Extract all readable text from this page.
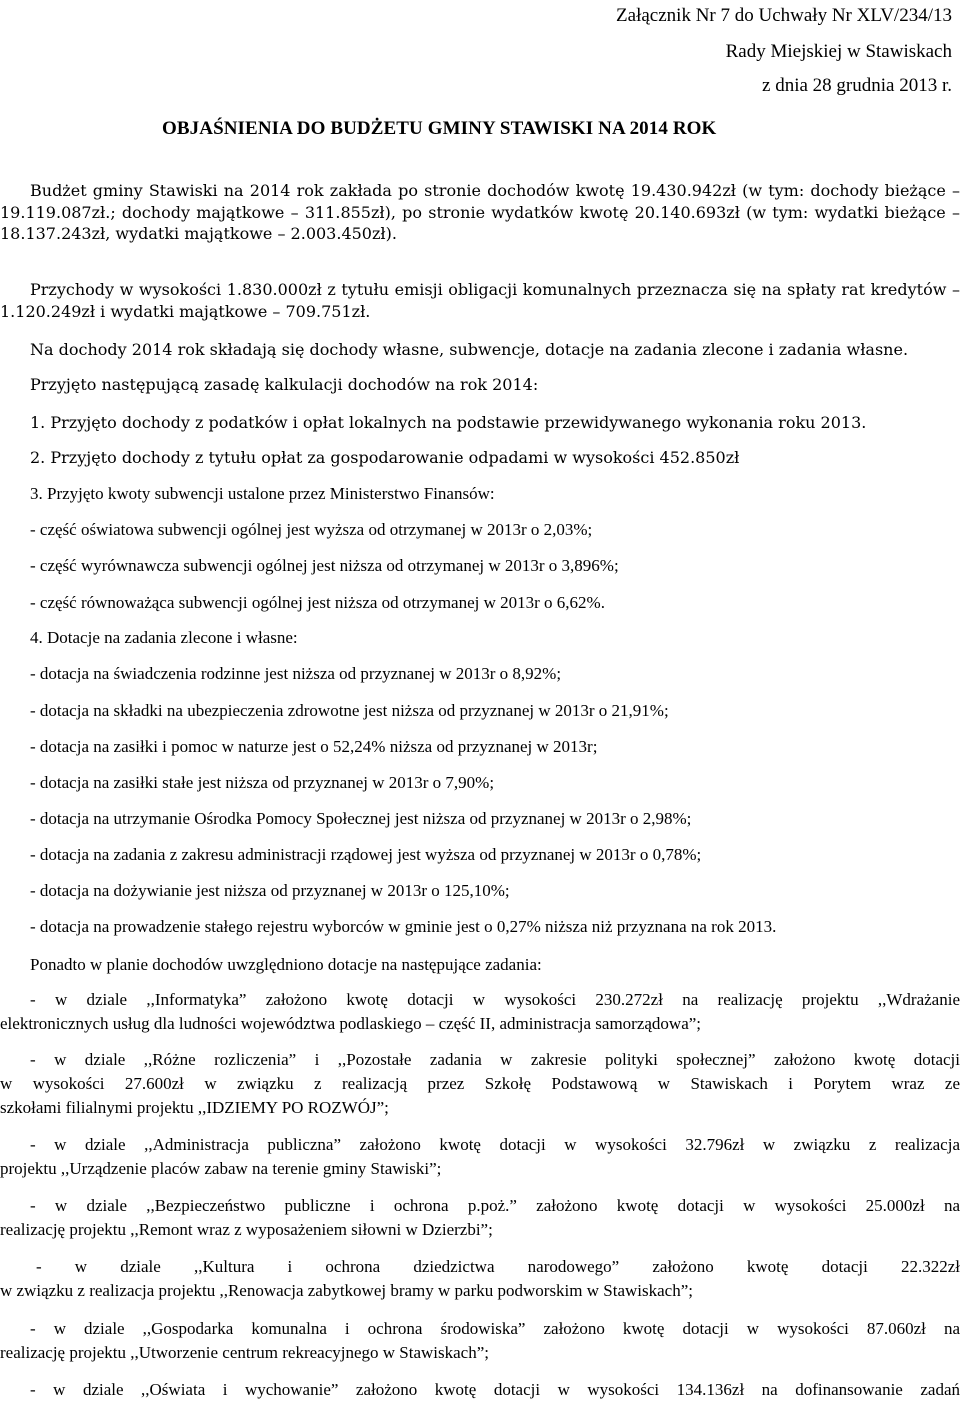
Załącznik Nr 7 do Uchwały Nr XLV/234/13
Rady Miejskiej w Stawiskach
z dnia 28 grudnia 2013 r.
OBJAŚNIENIA DO BUDŻETU GMINY STAWISKI NA 2014 ROK
Budżet gminy Stawiski na 2014 rok zakłada po stronie dochodów kwotę 19.430.942zł (w tym: dochody bieżące – 19.119.087zł.; dochody majątkowe – 311.855zł), po stronie wydatków kwotę 20.140.693zł (w tym: wydatki bieżące – 18.137.243zł, wydatki majątkowe – 2.003.450zł).
Przychody w wysokości 1.830.000zł z tytułu emisji obligacji komunalnych przeznacza się na spłaty rat kredytów – 1.120.249zł i wydatki majątkowe – 709.751zł.
Na dochody 2014 rok składają się dochody własne, subwencje, dotacje na zadania zlecone i zadania własne.
Przyjęto następującą zasadę kalkulacji dochodów na rok 2014:
1. Przyjęto dochody z podatków i opłat lokalnych na podstawie przewidywanego wykonania roku 2013.
2. Przyjęto dochody z tytułu opłat za gospodarowanie odpadami w wysokości 452.850zł
3. Przyjęto kwoty subwencji ustalone przez Ministerstwo Finansów:
- część oświatowa subwencji ogólnej jest wyższa od otrzymanej w 2013r o 2,03%;
- część wyrównawcza subwencji ogólnej jest niższa od otrzymanej w 2013r o 3,896%;
- część równoważąca subwencji ogólnej jest niższa od otrzymanej w 2013r o 6,62%.
4. Dotacje na zadania zlecone i własne:
- dotacja na świadczenia rodzinne jest niższa od przyznanej w 2013r o 8,92%;
- dotacja na składki na ubezpieczenia zdrowotne jest niższa od przyznanej w 2013r o 21,91%;
- dotacja na zasiłki i pomoc w naturze jest o 52,24% niższa od przyznanej w 2013r;
- dotacja na zasiłki stałe jest niższa od przyznanej w 2013r o 7,90%;
- dotacja na utrzymanie Ośrodka Pomocy Społecznej jest niższa od przyznanej w 2013r o 2,98%;
- dotacja na zadania z zakresu administracji rządowej jest wyższa od przyznanej w 2013r o 0,78%;
- dotacja na dożywianie jest niższa od przyznanej w 2013r o 125,10%;
- dotacja na prowadzenie stałego rejestru wyborców w gminie jest o 0,27% niższa niż przyznana na rok 2013.
Ponadto w planie dochodów uwzględniono dotacje na następujące zadania:
- w dziale ,,Informatyka” założono kwotę dotacji w wysokości 230.272zł na realizację projektu ,,Wdrażanie
elektronicznych usług dla ludności województwa podlaskiego – część II, administracja samorządowa”;
- w dziale ,,Różne rozliczenia” i ,,Pozostałe zadania w zakresie polityki społecznej” założono kwotę dotacji
w wysokości 27.600zł w związku z realizacją przez Szkołę Podstawową w Stawiskach i Porytem wraz ze
szkołami filialnymi projektu ,,IDZIEMY PO ROZWÓJ”;
- w dziale ,,Administracja publiczna” założono kwotę dotacji w wysokości 32.796zł w związku z realizacja
projektu ,,Urządzenie placów zabaw na terenie gminy Stawiski”;
- w dziale ,,Bezpieczeństwo publiczne i ochrona p.poż.” założono kwotę dotacji w wysokości 25.000zł na
realizację projektu ,,Remont wraz z wyposażeniem siłowni w Dzierzbi”;
- w dziale ,,Kultura i ochrona dziedzictwa narodowego” założono kwotę dotacji 22.322zł
w związku z realizacja projektu ,,Renowacja zabytkowej bramy w parku podworskim w Stawiskach”;
- w dziale ,,Gospodarka komunalna i ochrona środowiska” założono kwotę dotacji w wysokości 87.060zł na
realizację projektu ,,Utworzenie centrum rekreacyjnego w Stawiskach”;
- w dziale ,,Oświata i wychowanie” założono kwotę dotacji w wysokości 134.136zł na dofinansowanie zadań
